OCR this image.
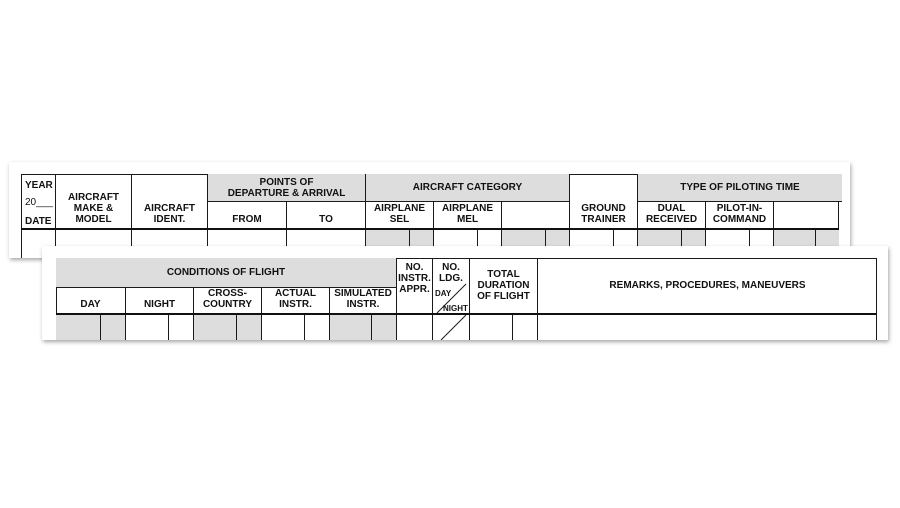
YEAR
20___
DATE
AIRCRAFT
MAKE & MODEL
AIRCRAFT
IDENT.
POINTS OF
DEPARTURE & ARRIVAL
FROM	TO
AIRCRAFT CATEGORY
AIRPLANE
SEL
AIRPLANE
MEL
GROUND
TRAINER
TYPE OF PILOTING TIME
DUAL
RECEIVED
PILOT-IN-
COMMAND
CONDITIONS OF FLIGHT
DAY	NIGHT
CROSS-
COUNTRY
ACTUAL
INSTR.
SIMULATED
INSTR.
NO.
INSTR.
APPR.
NO.
LDG.
DAY
NIGHT
TOTAL
DURATION
OF FLIGHT
REMARKS, PROCEDURES, MANEUVERS
